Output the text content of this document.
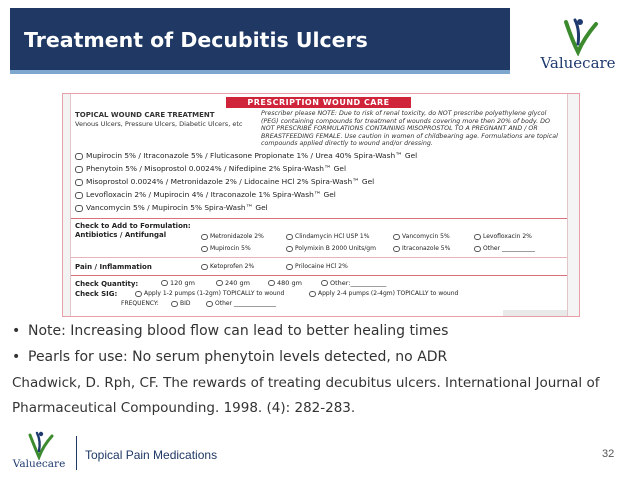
Treatment of Decubitis Ulcers
Valuecare
PRESCRIPTION WOUND CARE
TOPICAL WOUND CARE TREATMENT
Venous Ulcers, Pressure Ulcers, Diabetic Ulcers, etc
Prescriber please NOTE: Due to risk of renal toxicity, do NOT prescribe polyethylene glycol (PEG) containing compounds for treatment of wounds covering more then 20% of body. DO NOT PRESCRIBE FORMULATIONS CONTAINING MISOPROSTOL TO A PREGNANT AND / OR BREASTFEEDING FEMALE. Use caution in women of childbearing age. Formulations are topical compounds applied directly to wound and/or dressing.
Mupirocin 5% / Itraconazole 5% / Fluticasone Propionate 1% / Urea 40% Spira-Wash™ Gel
Phenytoin 5% / Misoprostol 0.0024% / Nifedipine 2% Spira-Wash™ Gel
Misoprostol 0.0024% / Metronidazole 2% / Lidocaine HCl 2% Spira-Wash™ Gel
Levofloxacin 2% / Mupirocin 4% / Itraconazole 1% Spira-Wash™ Gel
Vancomycin 5% / Mupirocin 5% Spira-Wash™ Gel
Check to Add to Formulation:
Antibiotics / Antifungal	Metronidazole 2%	Clindamycin HCl USP 1%	Vancomycin 5%	Levofloxacin 2%
Mupirocin 5%	Polymixin B 2000 Units/gm	Itraconazole 5%	Other ___________
Pain / Inflammation	Ketoprofen 2%	Prilocaine HCl 2%
Check Quantity:	120 gm	240 gm	480 gm	Other:___________
Check SIG:	Apply 1-2 pumps (1-2gm) TOPICALLY to wound	Apply 2-4 pumps (2-4gm) TOPICALLY to wound
FREQUENCY:	BID	Other ______________
• Note: Increasing blood flow can lead to better healing times
• Pearls for use: No serum phenytoin levels detected, no ADR
Chadwick, D. Rph, CF. The rewards of treating decubitus ulcers. International Journal of
Pharmaceutical Compounding. 1998. (4): 282-283.
Valuecare
Topical Pain Medications	32
